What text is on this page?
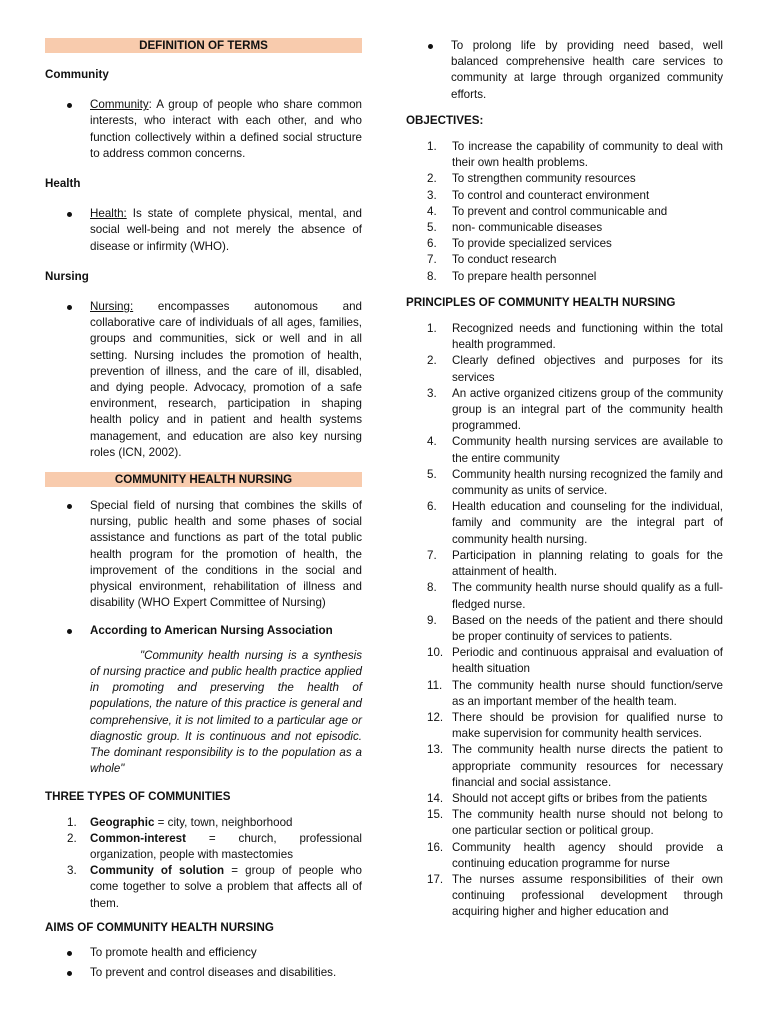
DEFINITION OF TERMS
Community
Community: A group of people who share common interests, who interact with each other, and who function collectively within a defined social structure to address common concerns.
Health
Health: Is state of complete physical, mental, and social well-being and not merely the absence of disease or infirmity (WHO).
Nursing
Nursing: encompasses autonomous and collaborative care of individuals of all ages, families, groups and communities, sick or well and in all setting. Nursing includes the promotion of health, prevention of illness, and the care of ill, disabled, and dying people. Advocacy, promotion of a safe environment, research, participation in shaping health policy and in patient and health systems management, and education are also key nursing roles (ICN, 2002).
COMMUNITY HEALTH NURSING
Special field of nursing that combines the skills of nursing, public health and some phases of social assistance and functions as part of the total public health program for the promotion of health, the improvement of the conditions in the social and physical environment, rehabilitation of illness and disability (WHO Expert Committee of Nursing)
According to American Nursing Association
"Community health nursing is a synthesis of nursing practice and public health practice applied in promoting and preserving the health of populations, the nature of this practice is general and comprehensive, it is not limited to a particular age or diagnostic group. It is continuous and not episodic. The dominant responsibility is to the population as a whole"
THREE TYPES OF COMMUNITIES
1. Geographic = city, town, neighborhood
2. Common-interest = church, professional organization, people with mastectomies
3. Community of solution = group of people who come together to solve a problem that affects all of them.
AIMS OF COMMUNITY HEALTH NURSING
To promote health and efficiency
To prevent and control diseases and disabilities.
To prolong life by providing need based, well balanced comprehensive health care services to community at large through organized community efforts.
OBJECTIVES:
1. To increase the capability of community to deal with their own health problems.
2. To strengthen community resources
3. To control and counteract environment
4. To prevent and control communicable and
5. non- communicable diseases
6. To provide specialized services
7. To conduct research
8. To prepare health personnel
PRINCIPLES OF COMMUNITY HEALTH NURSING
1. Recognized needs and functioning within the total health programmed.
2. Clearly defined objectives and purposes for its services
3. An active organized citizens group of the community group is an integral part of the community health programmed.
4. Community health nursing services are available to the entire community
5. Community health nursing recognized the family and community as units of service.
6. Health education and counseling for the individual, family and community are the integral part of community health nursing.
7. Participation in planning relating to goals for the attainment of health.
8. The community health nurse should qualify as a full-fledged nurse.
9. Based on the needs of the patient and there should be proper continuity of services to patients.
10. Periodic and continuous appraisal and evaluation of health situation
11. The community health nurse should function/serve as an important member of the health team.
12. There should be provision for qualified nurse to make supervision for community health services.
13. The community health nurse directs the patient to appropriate community resources for necessary financial and social assistance.
14. Should not accept gifts or bribes from the patients
15. The community health nurse should not belong to one particular section or political group.
16. Community health agency should provide a continuing education programme for nurse
17. The nurses assume responsibilities of their own continuing professional development through acquiring higher and higher education and
